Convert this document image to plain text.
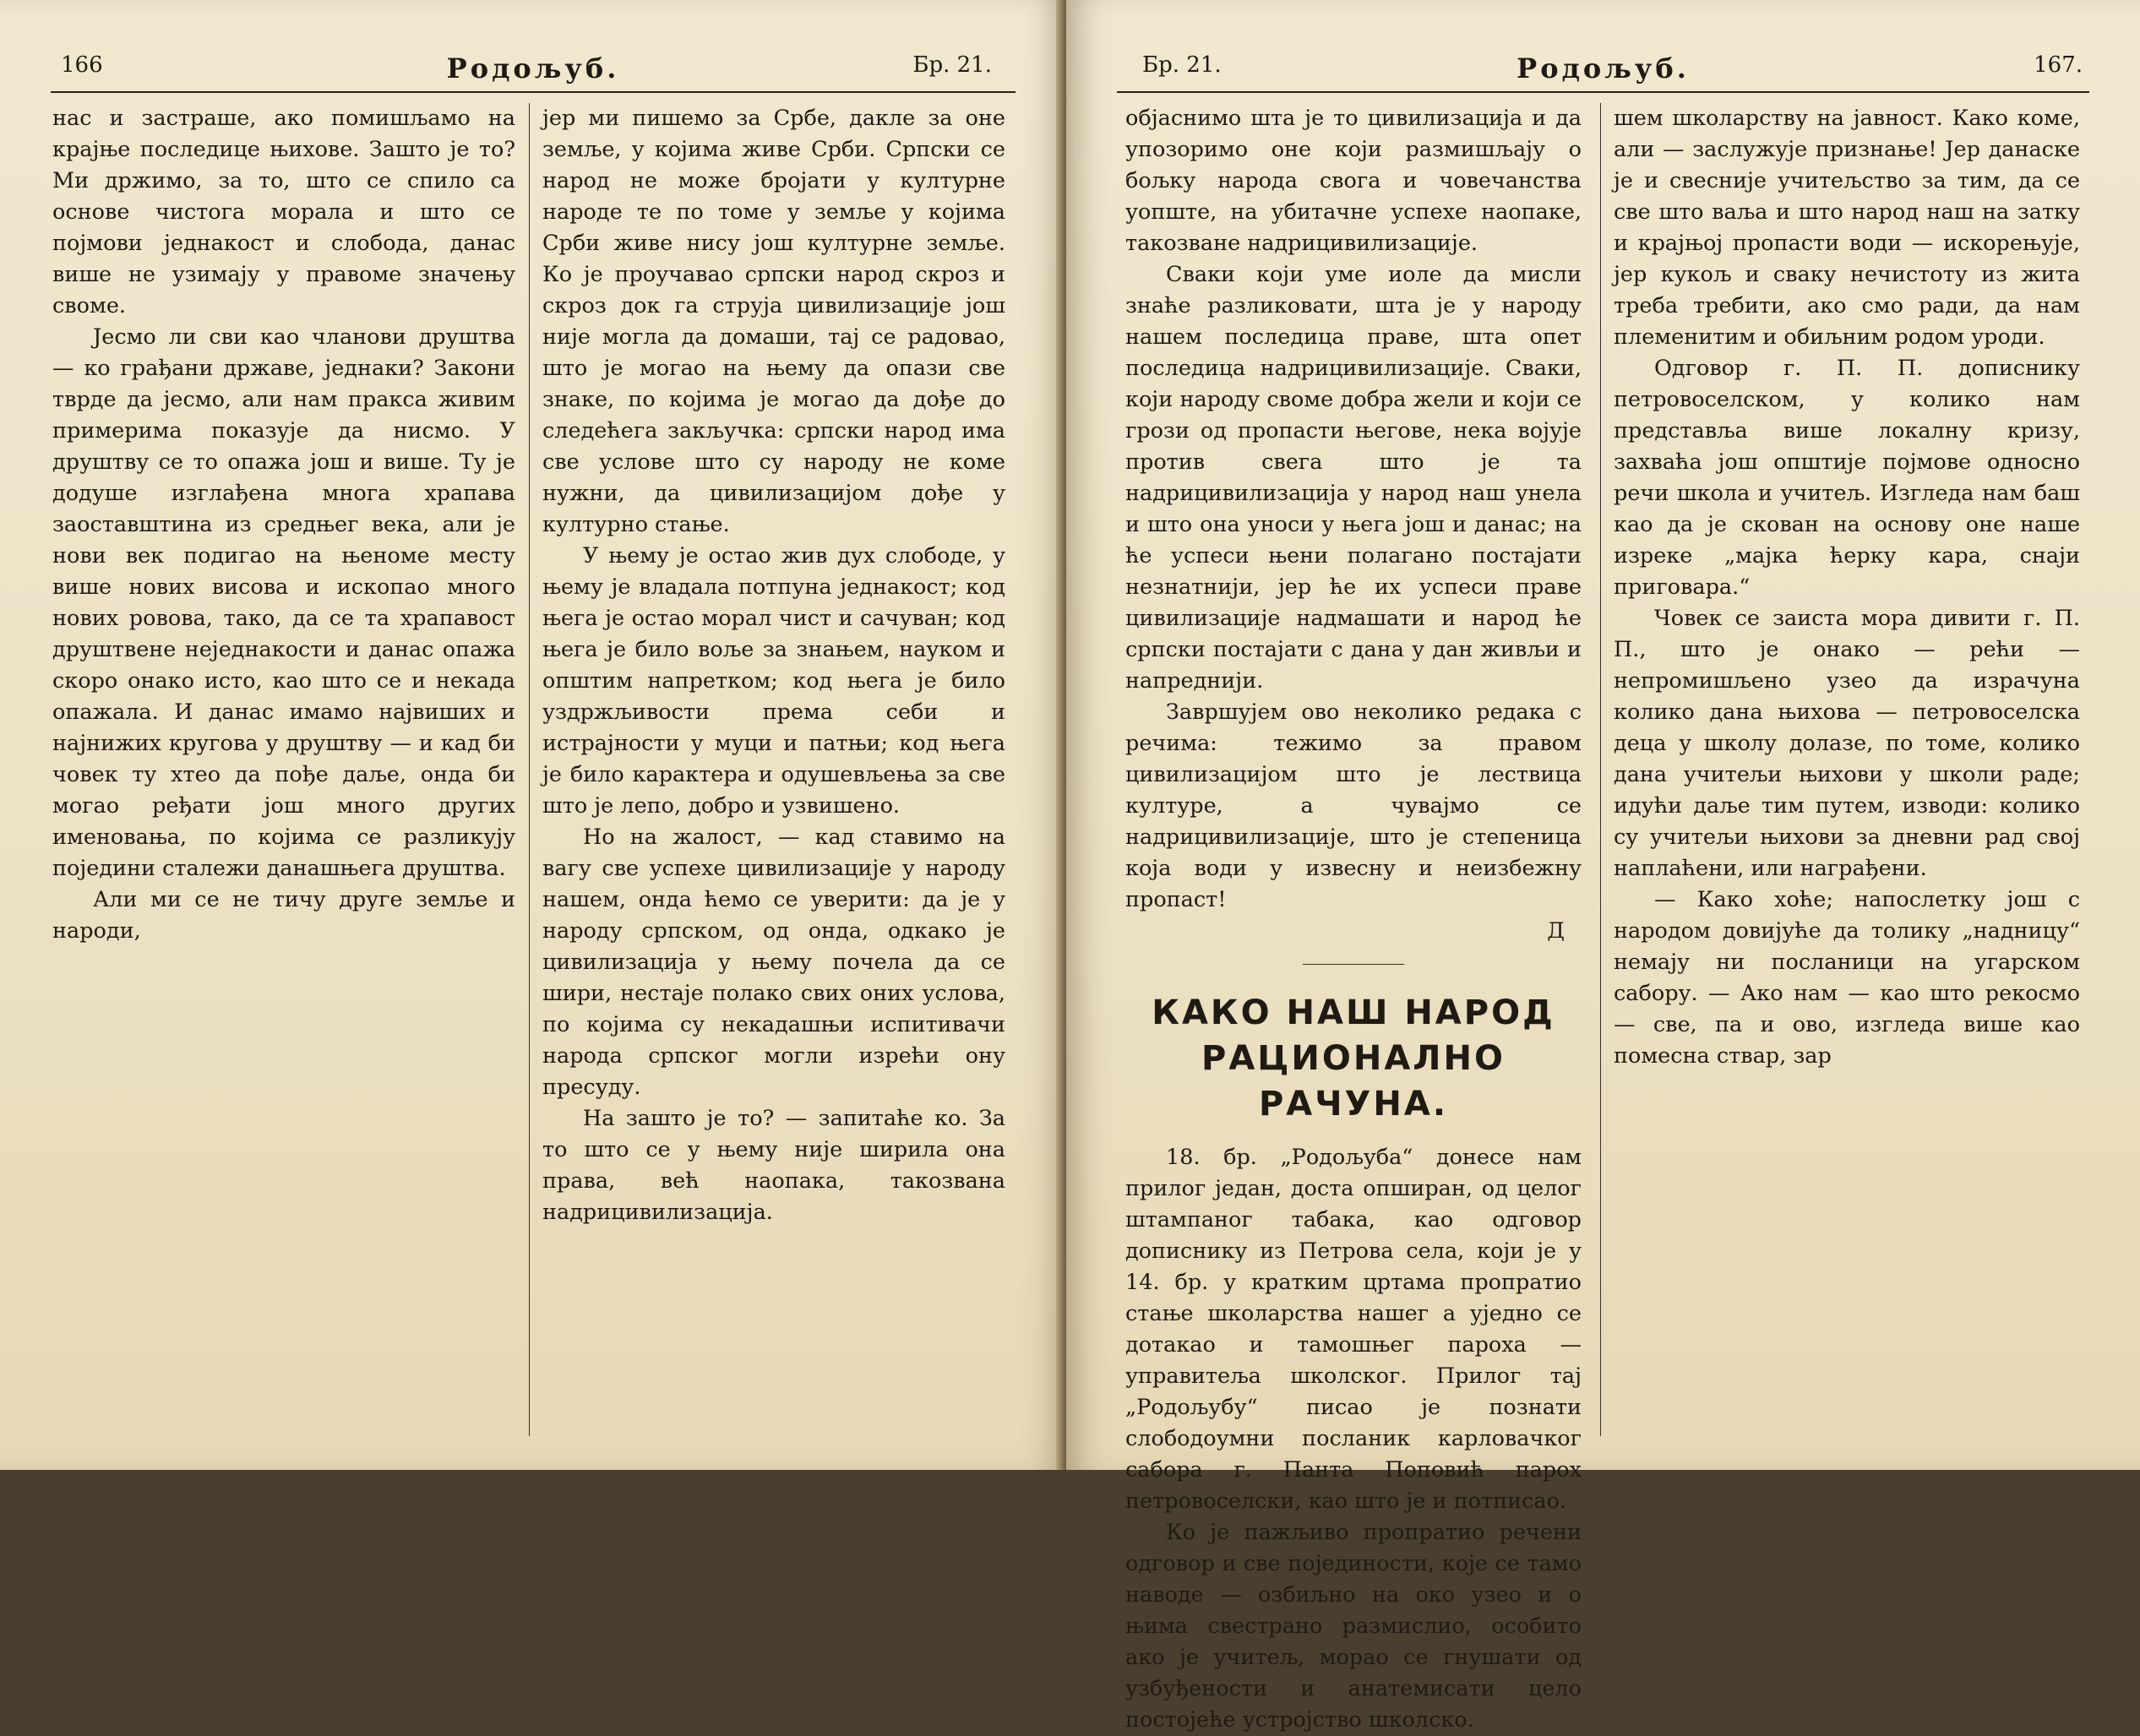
166	Родољуб.	Бр. 21.

нас и застраше, ако помишљамо на крајње последице њихове. Зашто је то? Ми држимо, за то, што се спило са основе чистога морала и што се појмови једнакост и слобода, данас више не узимају у правоме значењу свомe.

Јесмо ли сви као чланови друштва — ко грађани државе, једнаки? Закони тврде да јесмо, али нам пракса живим примерима показује да нисмо. У друштву се то опажа још и више. Ту је додуше изглађена многа храпава заоставштина из средњег века, али је нови век подигао на њеноме месту више нових висова и ископао много нових ровова, тако, да се та храпавост друштвене неједнакости и данас опажа скоро онако исто, као што се и некада опажала. И данас имамо највиших и најнижих кругова у друштву — и кад би човек ту хтео да пође даље, онда би могао ређати још много других именовања, по којима се разликују поједини сталежи данашњега друштва.

Али ми се не тичу друге земље и народи,

јер ми пишемо за Србе, дакле за оне земље, у којима живе Срби. Српски се народ не може бројати у културне народе те по томе у земље у којима Срби живе нису још културне земље. Ко је проучавао српски народ скроз и скроз док га струја цивилизације још није могла да домаши, тај се радовао, што је могао на њему да опази све знаке, по којима је могао да дође до следећега закључка: српски народ има све услове што су народу не коме нужни, да цивилизацијом дође у културно стање.

У њему је остао жив дух слободе, у њему је владала потпуна једнакост; код њега је остао морал чист и сачуван; код њега је било воље за знањем, науком и општим напретком; код њега је било уздржљивости према себи и истрајности у муци и патњи; код њега је било карактера и одушевљења за све што је лепо, добро и узвишено.

Но на жалост, — кад ставимо на вагу све успехе цивилизације у народу нашем, онда ћемо се уверити: да је у народу српском, од онда, одкако је цивилизација у њему почела да се шири, нестаје полако свих оних услова, по којима су некадашњи испитивачи народа српског могли изрећи ону пресуду.

На зашто је то? — запитаће ко. За то што се у њему није ширила она права, већ наопака, такозвана надрицивилизација.

Бр. 21.	Родољуб.	167.

објаснимо шта је то цивилизација и да упозоримо оне који размишљају о бољку народа свога и човечанства уопште, на убитачне успехе наопаке, такозване надрицивилизације.

Сваки који уме иоле да мисли знаће разликовати, шта је у народу нашем последица праве, шта опет последица надрицивилизације. Сваки, који народу своме добра жели и који се грози од пропасти његове, нека војује против свега што је та надрицивилизација у народ наш унела и што она уноси у њега још и данас; на ће успеси њени полагано постајати незнатнији, јер ће их успеси праве цивилизације надмашати и народ ће српски постајати с дана у дан живљи и напреднији.

Завршујем ово неколико редака с речима: тежимо за правом цивилизацијом што је лествица културе, а чувајмо се надрицивилизације, што је степеница која води у извесну и неизбежну пропаст!

Д
КАКО НАШ НАРОД РАЦИОНАЛНО РАЧУНА.

18. бр. „Родољуба“ донесе нам прилог један, доста опширан, од целог штампаног табака, као одговор дописнику из Петрова села, који је у 14. бр. у кратким цртама пропратио стање школарства нашег а уједно се дотакао и тамошњег пароха — управитеља школског. Прилог тај „Родољубу“ писао је познати слободоумни посланик карловачког сабора г. Панта Поповић парох петровоселски, као што је и потписао.

Ко је пажљиво пропратио речени одговор и све појединости, које се тамо наводе — озбиљно на око узео и о њима свестрано размислио, особито ако је учитељ, морао се гнушати од узбуђености и анатемисати цело постојеће устројство школско.

шем школарству на јавност. Како коме, али — заслужује признање! Јер данаске је и свесније учитељство за тим, да се све што ваља и што народ наш на затку и крајњој пропасти води — искорењује, јер кукољ и сваку нечистоту из жита треба требити, ако смо ради, да нам племенитим и обиљним родом уроди.

Одговор г. П. П. дописнику петровоселском, у колико нам представља више локалну кризу, захваћа још општије појмове односно речи школа и учитељ. Изгледа нам баш као да је скован на основу оне наше изреке „мајка ћерку кара, снаји приговара.“

Човек се заиста мора дивити г. П. П., што је онако — рећи — непромишљено узео да израчуна колико дана њихова — петровоселска деца у школу долазе, по томе, колико дана учитељи њихови у школи раде; идући даље тим путем, изводи: колико су учитељи њихови за дневни рад свој наплаћени, или награђени.

— Како хоће; напослетку још с народом довијуће да толику „надницу“ немају ни посланици на угарском сабору. — Ако нам — као што рекосмо — све, па и ово, изгледа више као помесна ствар, зар
